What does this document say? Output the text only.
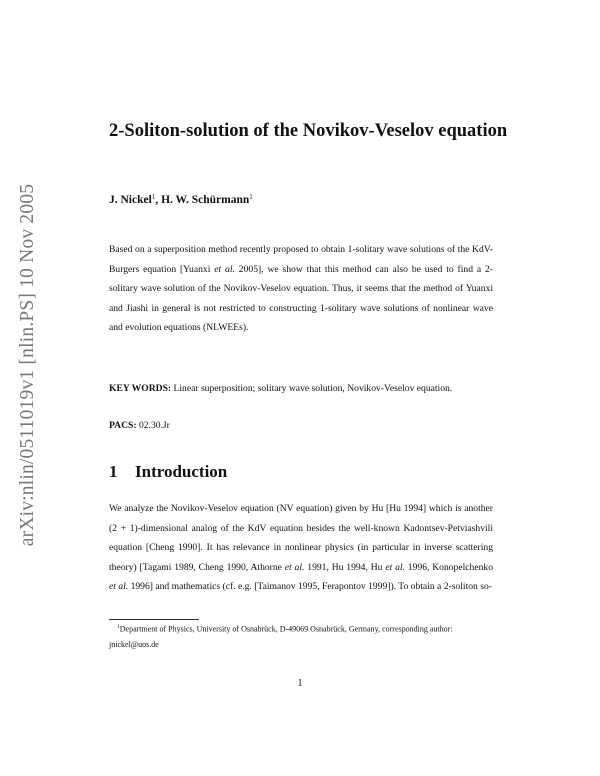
arXiv:nlin/0511019v1 [nlin.PS] 10 Nov 2005
2-Soliton-solution of the Novikov-Veselov equation
J. Nickel$^1$, H. W. Schürmann$^1$

Based on a superposition method recently proposed to obtain 1-solitary wave solutions of the KdV-Burgers equation [Yuanxi et al. 2005], we show that this method can also be used to find a 2-solitary wave solution of the Novikov-Veselov equation. Thus, it seems that the method of Yuanxi and Jiashi in general is not restricted to constructing 1-solitary wave solutions of nonlinear wave and evolution equations (NLWEEs).

KEY WORDS: Linear superposition; solitary wave solution, Novikov-Veselov equation.

PACS: 02.30.Jr
1 Introduction

We analyze the Novikov-Veselov equation (NV equation) given by Hu [Hu 1994] which is another (2 + 1)-dimensional analog of the KdV equation besides the well-known Kadontsev-Petviashvili equation [Cheng 1990]. It has relevance in nonlinear physics (in particular in inverse scattering theory) [Tagami 1989, Cheng 1990, Athorne et al. 1991, Hu 1994, Hu et al. 1996, Konopelchenko et al. 1996] and mathematics (cf. e.g. [Taimanov 1995, Ferapontov 1999]). To obtain a 2-soliton so-

$^1$Department of Physics, University of Osnabrück, D-49069 Osnabrück, Germany, corresponding author: jnickel@uos.de

1
